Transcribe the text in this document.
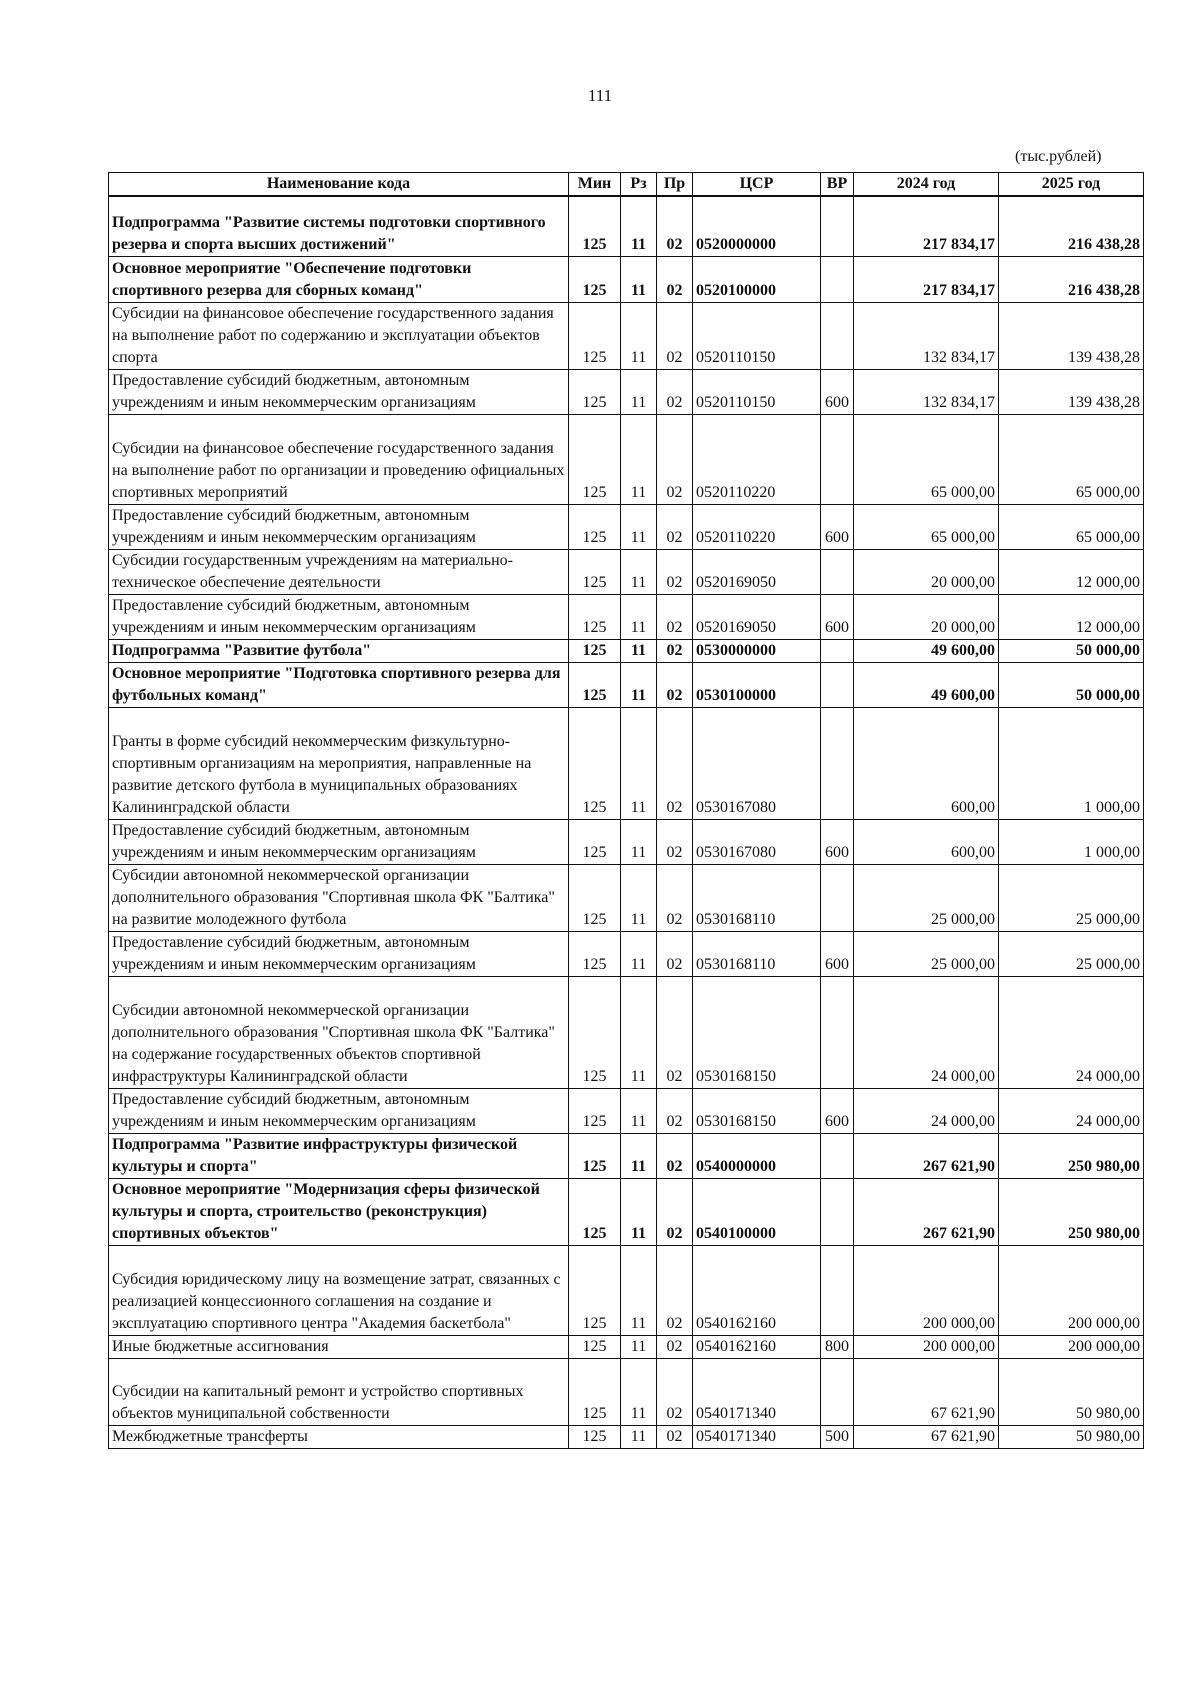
111
(тыс.рублей)
Наименование кода	Мин	Рз	Пр	ЦСР	ВР	2024 год	2025 год
Подпрограмма "Развитие системы подготовки спортивного резерва и спорта высших достижений"	125	11	02	0520000000		217 834,17	216 438,28
Основное мероприятие "Обеспечение подготовки спортивного резерва для сборных команд"	125	11	02	0520100000		217 834,17	216 438,28
Субсидии на финансовое обеспечение государственного задания на выполнение работ по содержанию и эксплуатации объектов спорта	125	11	02	0520110150		132 834,17	139 438,28
Предоставление субсидий бюджетным, автономным учреждениям и иным некоммерческим организациям	125	11	02	0520110150	600	132 834,17	139 438,28
Субсидии на финансовое обеспечение государственного задания на выполнение работ по организации и проведению официальных спортивных мероприятий	125	11	02	0520110220		65 000,00	65 000,00
Предоставление субсидий бюджетным, автономным учреждениям и иным некоммерческим организациям	125	11	02	0520110220	600	65 000,00	65 000,00
Субсидии государственным учреждениям на материально-техническое обеспечение деятельности	125	11	02	0520169050		20 000,00	12 000,00
Предоставление субсидий бюджетным, автономным учреждениям и иным некоммерческим организациям	125	11	02	0520169050	600	20 000,00	12 000,00
Подпрограмма "Развитие футбола"	125	11	02	0530000000		49 600,00	50 000,00
Основное мероприятие "Подготовка спортивного резерва для футбольных команд"	125	11	02	0530100000		49 600,00	50 000,00
Гранты в форме субсидий некоммерческим физкультурно-спортивным организациям на мероприятия, направленные на развитие детского футбола в муниципальных образованиях Калининградской области	125	11	02	0530167080		600,00	1 000,00
Предоставление субсидий бюджетным, автономным учреждениям и иным некоммерческим организациям	125	11	02	0530167080	600	600,00	1 000,00
Субсидии автономной некоммерческой организации дополнительного образования "Спортивная школа ФК "Балтика" на развитие молодежного футбола	125	11	02	0530168110		25 000,00	25 000,00
Предоставление субсидий бюджетным, автономным учреждениям и иным некоммерческим организациям	125	11	02	0530168110	600	25 000,00	25 000,00
Субсидии автономной некоммерческой организации дополнительного образования "Спортивная школа ФК "Балтика" на содержание государственных объектов спортивной инфраструктуры Калининградской области	125	11	02	0530168150		24 000,00	24 000,00
Предоставление субсидий бюджетным, автономным учреждениям и иным некоммерческим организациям	125	11	02	0530168150	600	24 000,00	24 000,00
Подпрограмма "Развитие инфраструктуры физической культуры и спорта"	125	11	02	0540000000		267 621,90	250 980,00
Основное мероприятие "Модернизация сферы физической культуры и спорта, строительство (реконструкция) спортивных объектов"	125	11	02	0540100000		267 621,90	250 980,00
Субсидия юридическому лицу на возмещение затрат, связанных с реализацией концессионного соглашения на создание и эксплуатацию спортивного центра "Академия баскетбола"	125	11	02	0540162160		200 000,00	200 000,00
Иные бюджетные ассигнования	125	11	02	0540162160	800	200 000,00	200 000,00
Субсидии на капитальный ремонт и устройство спортивных объектов муниципальной собственности	125	11	02	0540171340		67 621,90	50 980,00
Межбюджетные трансферты	125	11	02	0540171340	500	67 621,90	50 980,00
